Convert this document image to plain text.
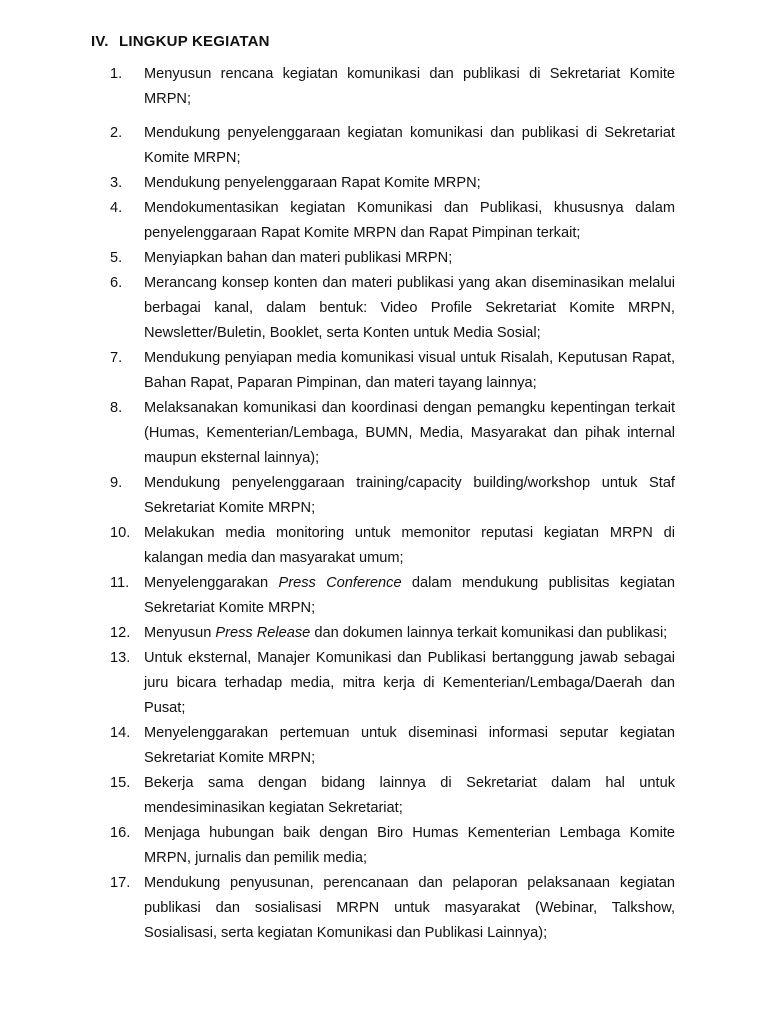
IV. LINGKUP KEGIATAN
1.	Menyusun rencana kegiatan komunikasi dan publikasi di Sekretariat Komite MRPN;
2.	Mendukung penyelenggaraan kegiatan komunikasi dan publikasi di Sekretariat Komite MRPN;
3.	Mendukung penyelenggaraan Rapat Komite MRPN;
4.	Mendokumentasikan kegiatan Komunikasi dan Publikasi, khususnya dalam penyelenggaraan Rapat Komite MRPN dan Rapat Pimpinan terkait;
5.	Menyiapkan bahan dan materi publikasi MRPN;
6.	Merancang konsep konten dan materi publikasi yang akan diseminasikan melalui berbagai kanal, dalam bentuk: Video Profile Sekretariat Komite MRPN, Newsletter/Buletin, Booklet, serta Konten untuk Media Sosial;
7.	Mendukung penyiapan media komunikasi visual untuk Risalah, Keputusan Rapat, Bahan Rapat, Paparan Pimpinan, dan materi tayang lainnya;
8.	Melaksanakan komunikasi dan koordinasi dengan pemangku kepentingan terkait (Humas, Kementerian/Lembaga, BUMN, Media, Masyarakat dan pihak internal maupun eksternal lainnya);
9.	Mendukung penyelenggaraan training/capacity building/workshop untuk Staf Sekretariat Komite MRPN;
10. Melakukan media monitoring untuk memonitor reputasi kegiatan MRPN di kalangan media dan masyarakat umum;
11.	Menyelenggarakan Press Conference dalam mendukung publisitas kegiatan Sekretariat Komite MRPN;
12. Menyusun Press Release dan dokumen lainnya terkait komunikasi dan publikasi;
13. Untuk eksternal, Manajer Komunikasi dan Publikasi bertanggung jawab sebagai juru bicara terhadap media, mitra kerja di Kementerian/Lembaga/Daerah dan Pusat;
14. Menyelenggarakan pertemuan untuk diseminasi informasi seputar kegiatan Sekretariat Komite MRPN;
15. Bekerja sama dengan bidang lainnya di Sekretariat dalam hal untuk mendesiminasikan kegiatan Sekretariat;
16. Menjaga hubungan baik dengan Biro Humas Kementerian Lembaga Komite MRPN, jurnalis dan pemilik media;
17. Mendukung penyusunan, perencanaan dan pelaporan pelaksanaan kegiatan publikasi dan sosialisasi MRPN untuk masyarakat (Webinar, Talkshow, Sosialisasi, serta kegiatan Komunikasi dan Publikasi Lainnya);
